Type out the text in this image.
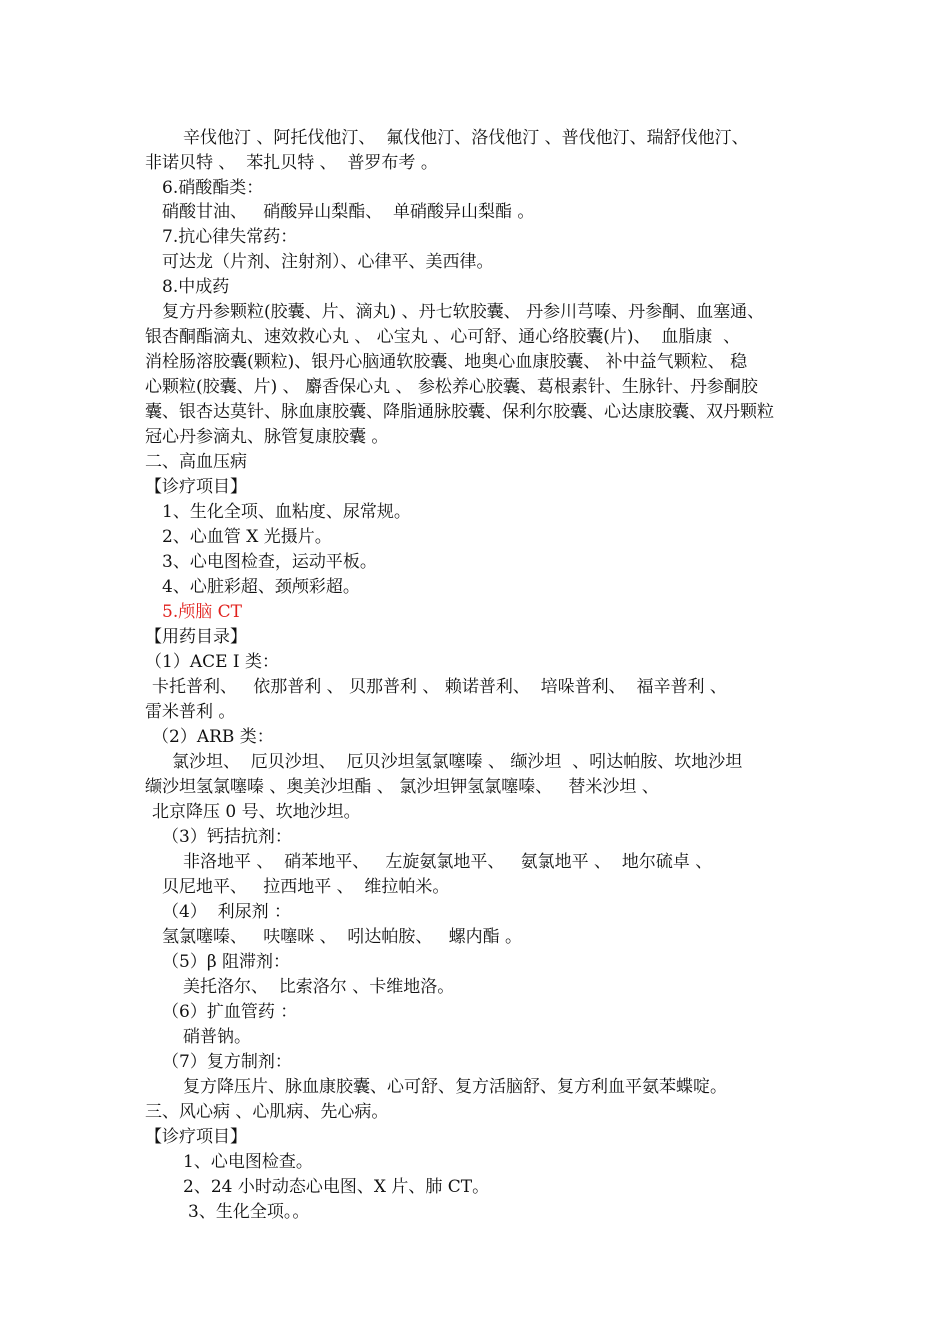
辛伐他汀 、阿托伐他汀、  氟伐他汀、洛伐他汀 、普伐他汀、瑞舒伐他汀、
非诺贝特 、  苯扎贝特 、  普罗布考 。
6.硝酸酯类：
硝酸甘油、   硝酸异山梨酯、  单硝酸异山梨酯 。
7.抗心律失常药：
可达龙（片剂、注射剂）、心律平、美西律。
8.中成药
复方丹参颗粒(胶囊、片、滴丸) 、丹七软胶囊、 丹参川芎嗪、丹参酮、血塞通、
银杏酮酯滴丸、速效救心丸 、 心宝丸 、心可舒、通心络胶囊(片)、  血脂康  、
消栓肠溶胶囊(颗粒)、银丹心脑通软胶囊、地奥心血康胶囊、 补中益气颗粒、 稳
心颗粒(胶囊、片) 、 麝香保心丸 、 参松养心胶囊、葛根素针、生脉针、丹参酮胶
囊、银杏达莫针、脉血康胶囊、降脂通脉胶囊、保利尔胶囊、心达康胶囊、双丹颗粒
冠心丹参滴丸、脉管复康胶囊 。
二、高血压病
【诊疗项目】
1、生化全项、血粘度、尿常规。
2、心血管 X 光摄片。
3、心电图检查，运动平板。
4、心脏彩超、颈颅彩超。
5.颅脑 CT
【用药目录】
（1）ACE I 类：
卡托普利、   依那普利 、 贝那普利 、 赖诺普利、  培哚普利、  福辛普利 、
雷米普利 。
（2）ARB 类：
氯沙坦、  厄贝沙坦、  厄贝沙坦氢氯噻嗪 、 缬沙坦  、吲达帕胺、坎地沙坦
缬沙坦氢氯噻嗪 、奥美沙坦酯 、 氯沙坦钾氢氯噻嗪、   替米沙坦 、
北京降压 0 号、坎地沙坦。
（3）钙拮抗剂：
非洛地平 、  硝苯地平、   左旋氨氯地平、   氨氯地平 、  地尔硫卓 、
贝尼地平、   拉西地平 、  维拉帕米。
（4）  利尿剂 ：
氢氯噻嗪、   呋噻咪 、  吲达帕胺、   螺内酯 。
（5）β 阻滞剂：
美托洛尔、  比索洛尔 、卡维地洛。
（6）扩血管药 ：
硝普钠。
（7）复方制剂：
复方降压片、脉血康胶囊、心可舒、复方活脑舒、复方利血平氨苯蝶啶。
三、风心病 、心肌病、先心病。
【诊疗项目】
1、心电图检查。
2、24 小时动态心电图、X 片、肺 CT。
3、生化全项。。
